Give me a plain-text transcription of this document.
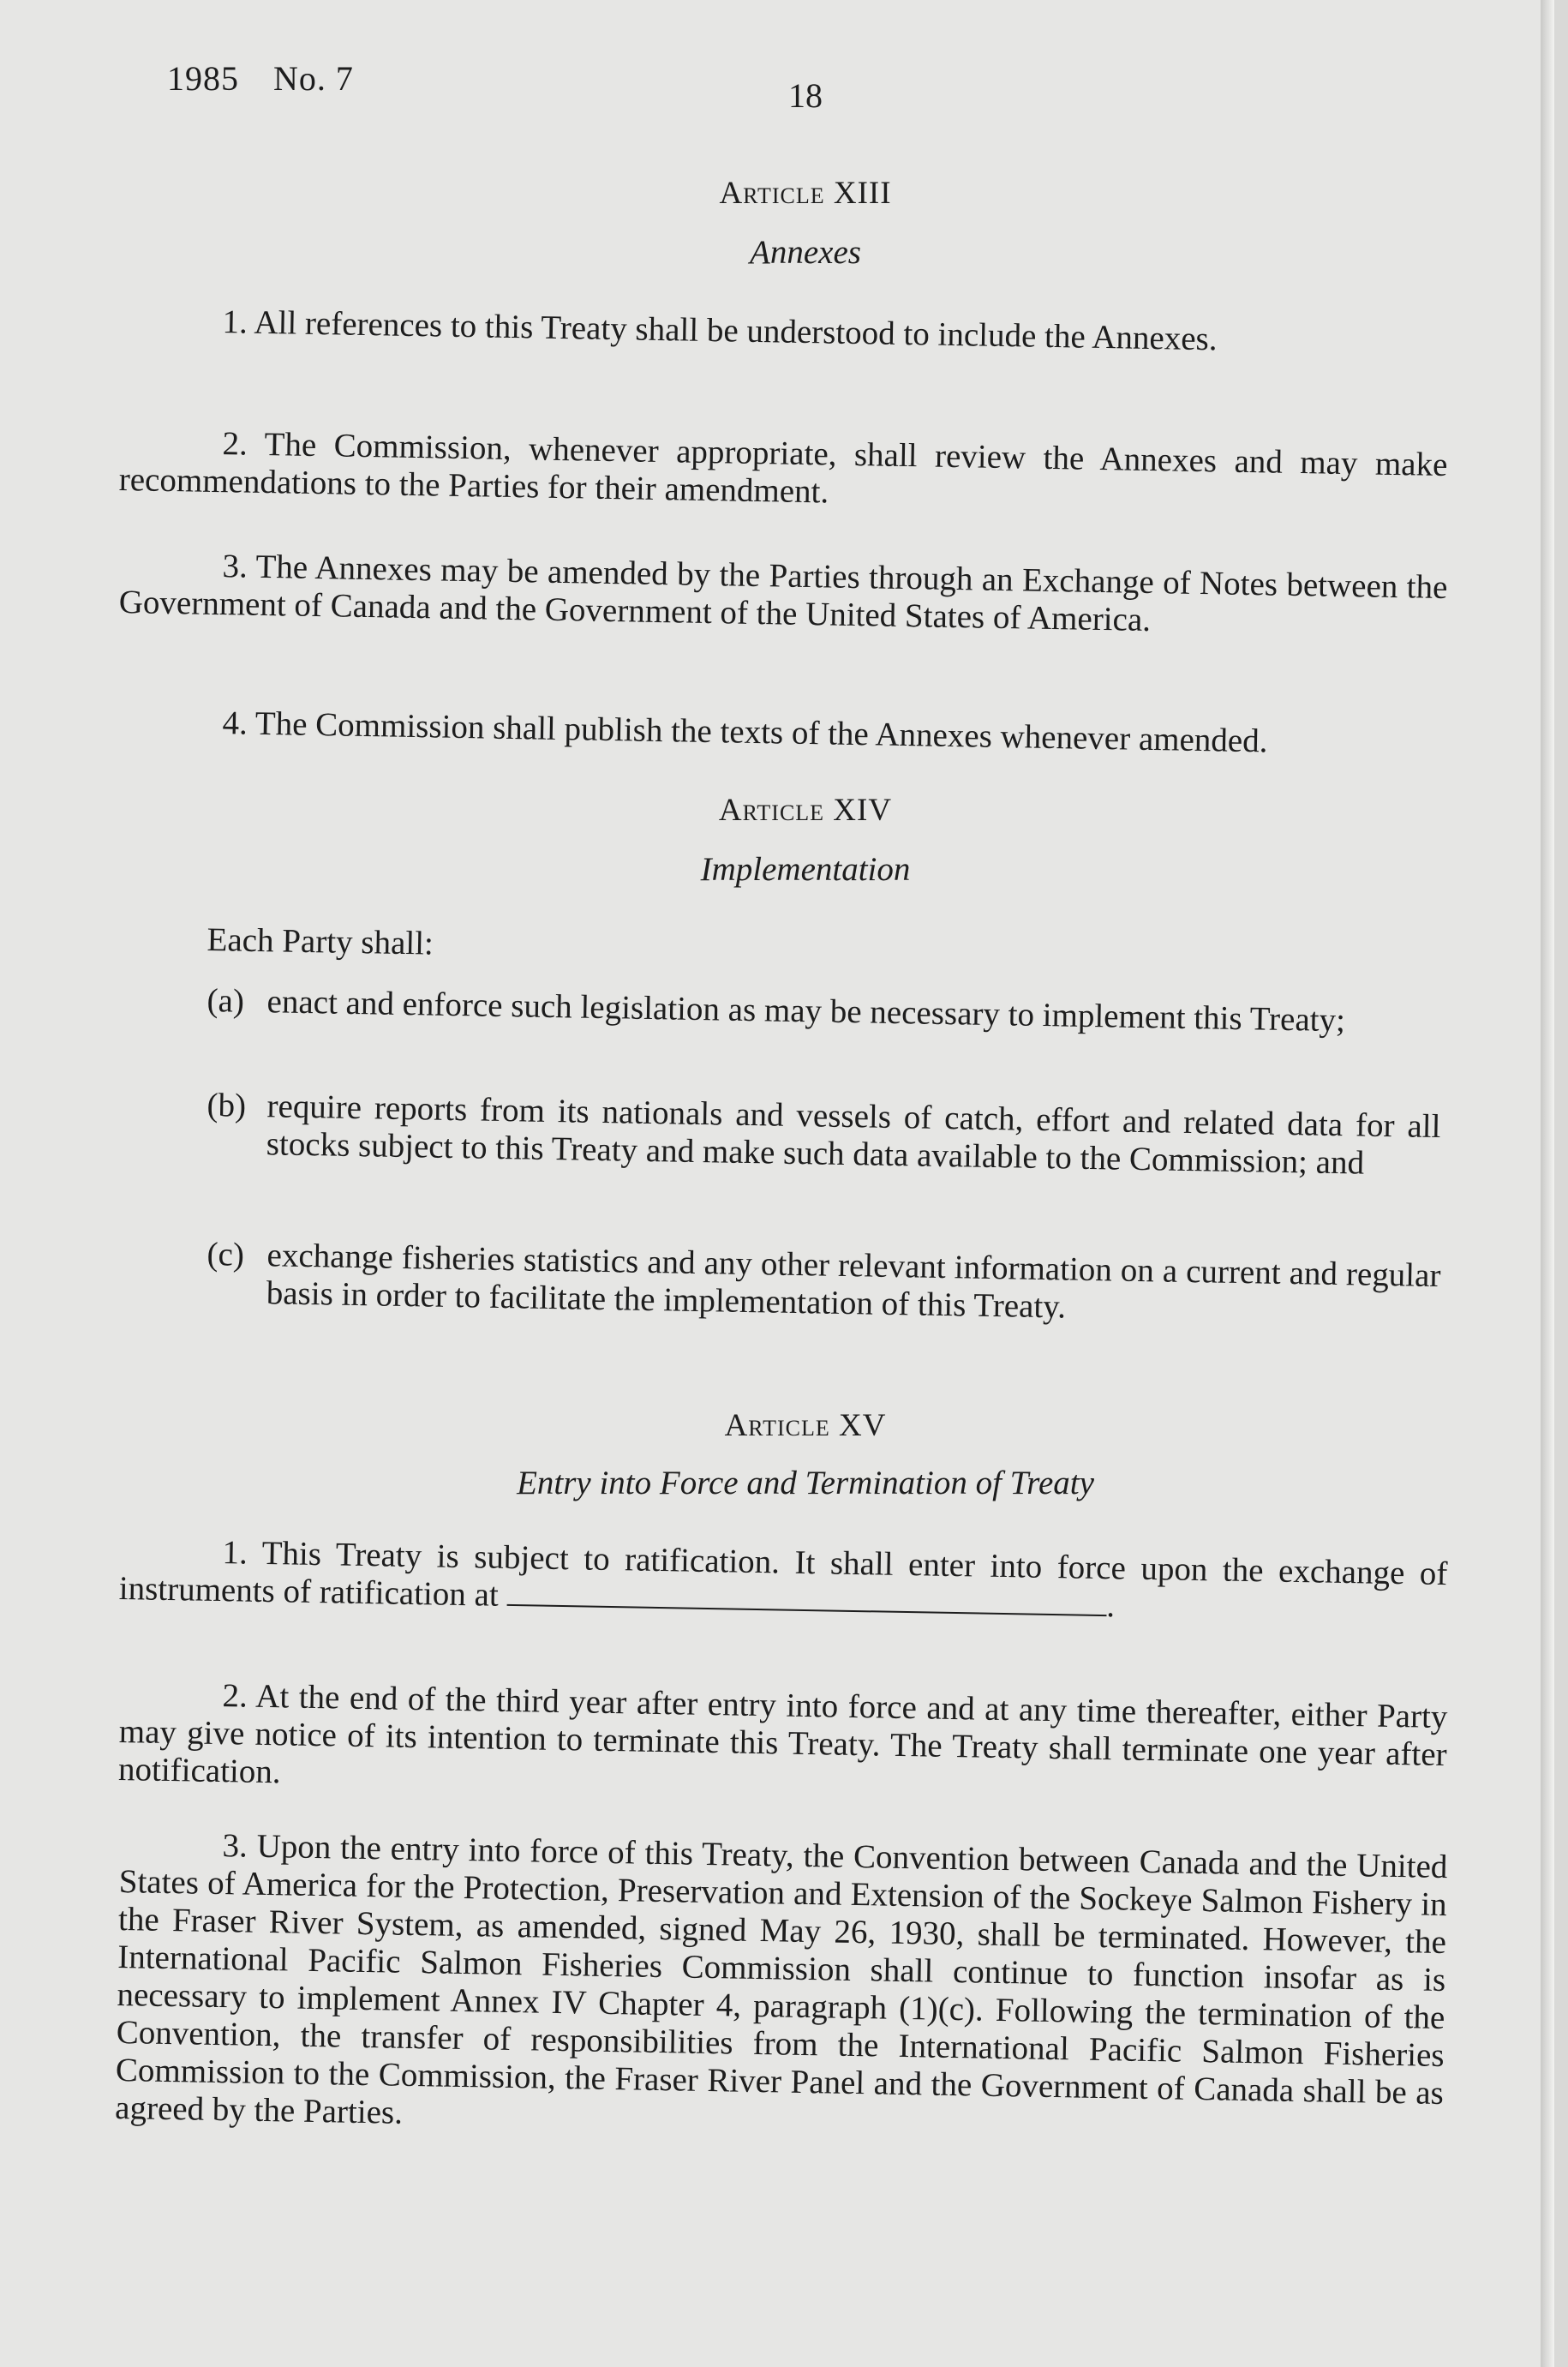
1985 No. 7	18
Article XIII
Annexes

1. All references to this Treaty shall be understood to include the Annexes.

2. The Commission, whenever appropriate, shall review the Annexes and may make recommendations to the Parties for their amendment.

3. The Annexes may be amended by the Parties through an Exchange of Notes between the Government of Canada and the Government of the United States of America.

4. The Commission shall publish the texts of the Annexes whenever amended.

Article XIV
Implementation

Each Party shall:

(a) enact and enforce such legislation as may be necessary to implement this Treaty;
(b) require reports from its nationals and vessels of catch, effort and related data for all stocks subject to this Treaty and make such data available to the Commission; and
(c) exchange fisheries statistics and any other relevant information on a current and regular basis in order to facilitate the implementation of this Treaty.
Article XV
Entry into Force and Termination of Treaty

1. This Treaty is subject to ratification. It shall enter into force upon the exchange of instruments of ratification at	.

2. At the end of the third year after entry into force and at any time thereafter, either Party may give notice of its intention to terminate this Treaty. The Treaty shall terminate one year after notification.

3. Upon the entry into force of this Treaty, the Convention between Canada and the United States of America for the Protection, Preservation and Extension of the Sockeye Salmon Fishery in the Fraser River System, as amended, signed May 26, 1930, shall be terminated. However, the International Pacific Salmon Fisheries Commission shall continue to function insofar as is necessary to implement Annex IV Chapter 4, paragraph (1)(c). Following the termination of the Convention, the transfer of responsibilities from the International Pacific Salmon Fisheries Commission to the Commission, the Fraser River Panel and the Government of Canada shall be as agreed by the Parties.
